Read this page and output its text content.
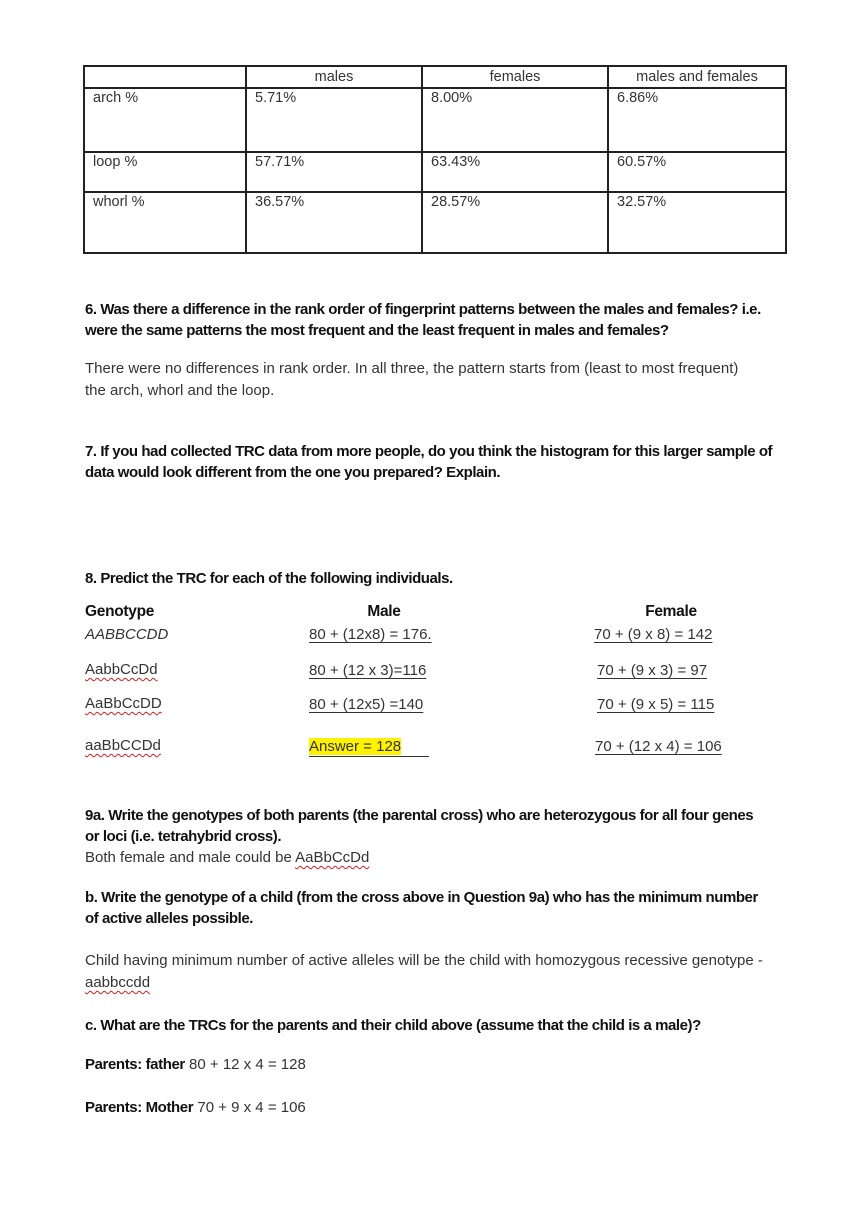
	males	females	males and females
arch %	5.71%	8.00%	6.86%
loop %	57.71%	63.43%	60.57%
whorl %	36.57%	28.57%	32.57%
6. Was there a difference in the rank order of fingerprint patterns between the males and females? i.e.
were the same patterns the most frequent and the least frequent in males and females?
There were no differences in rank order. In all three, the pattern starts from (least to most frequent)
the arch, whorl and the loop.
7. If you had collected TRC data from more people, do you think the histogram for this larger sample of
data would look different from the one you prepared? Explain.
8. Predict the TRC for each of the following individuals.
Genotype	Male	Female
AABBCCDD	80 + (12x8) = 176.	70 + (9 x 8) = 142
AabbCcDd	80 + (12 x 3)=116	70 + (9 x 3) = 97
AaBbCcDD	80 + (12x5) =140	70 + (9 x 5) = 115
aaBbCCDd	Answer = 128	70 + (12 x 4) = 106
9a. Write the genotypes of both parents (the parental cross) who are heterozygous for all four genes
or loci (i.e. tetrahybrid cross).
Both female and male could be AaBbCcDd
b. Write the genotype of a child (from the cross above in Question 9a) who has the minimum number
of active alleles possible.
Child having minimum number of active alleles will be the child with homozygous recessive genotype -
aabbccdd
c. What are the TRCs for the parents and their child above (assume that the child is a male)?
Parents: father 80 + 12 x 4 = 128
Parents: Mother 70 + 9 x 4 = 106
